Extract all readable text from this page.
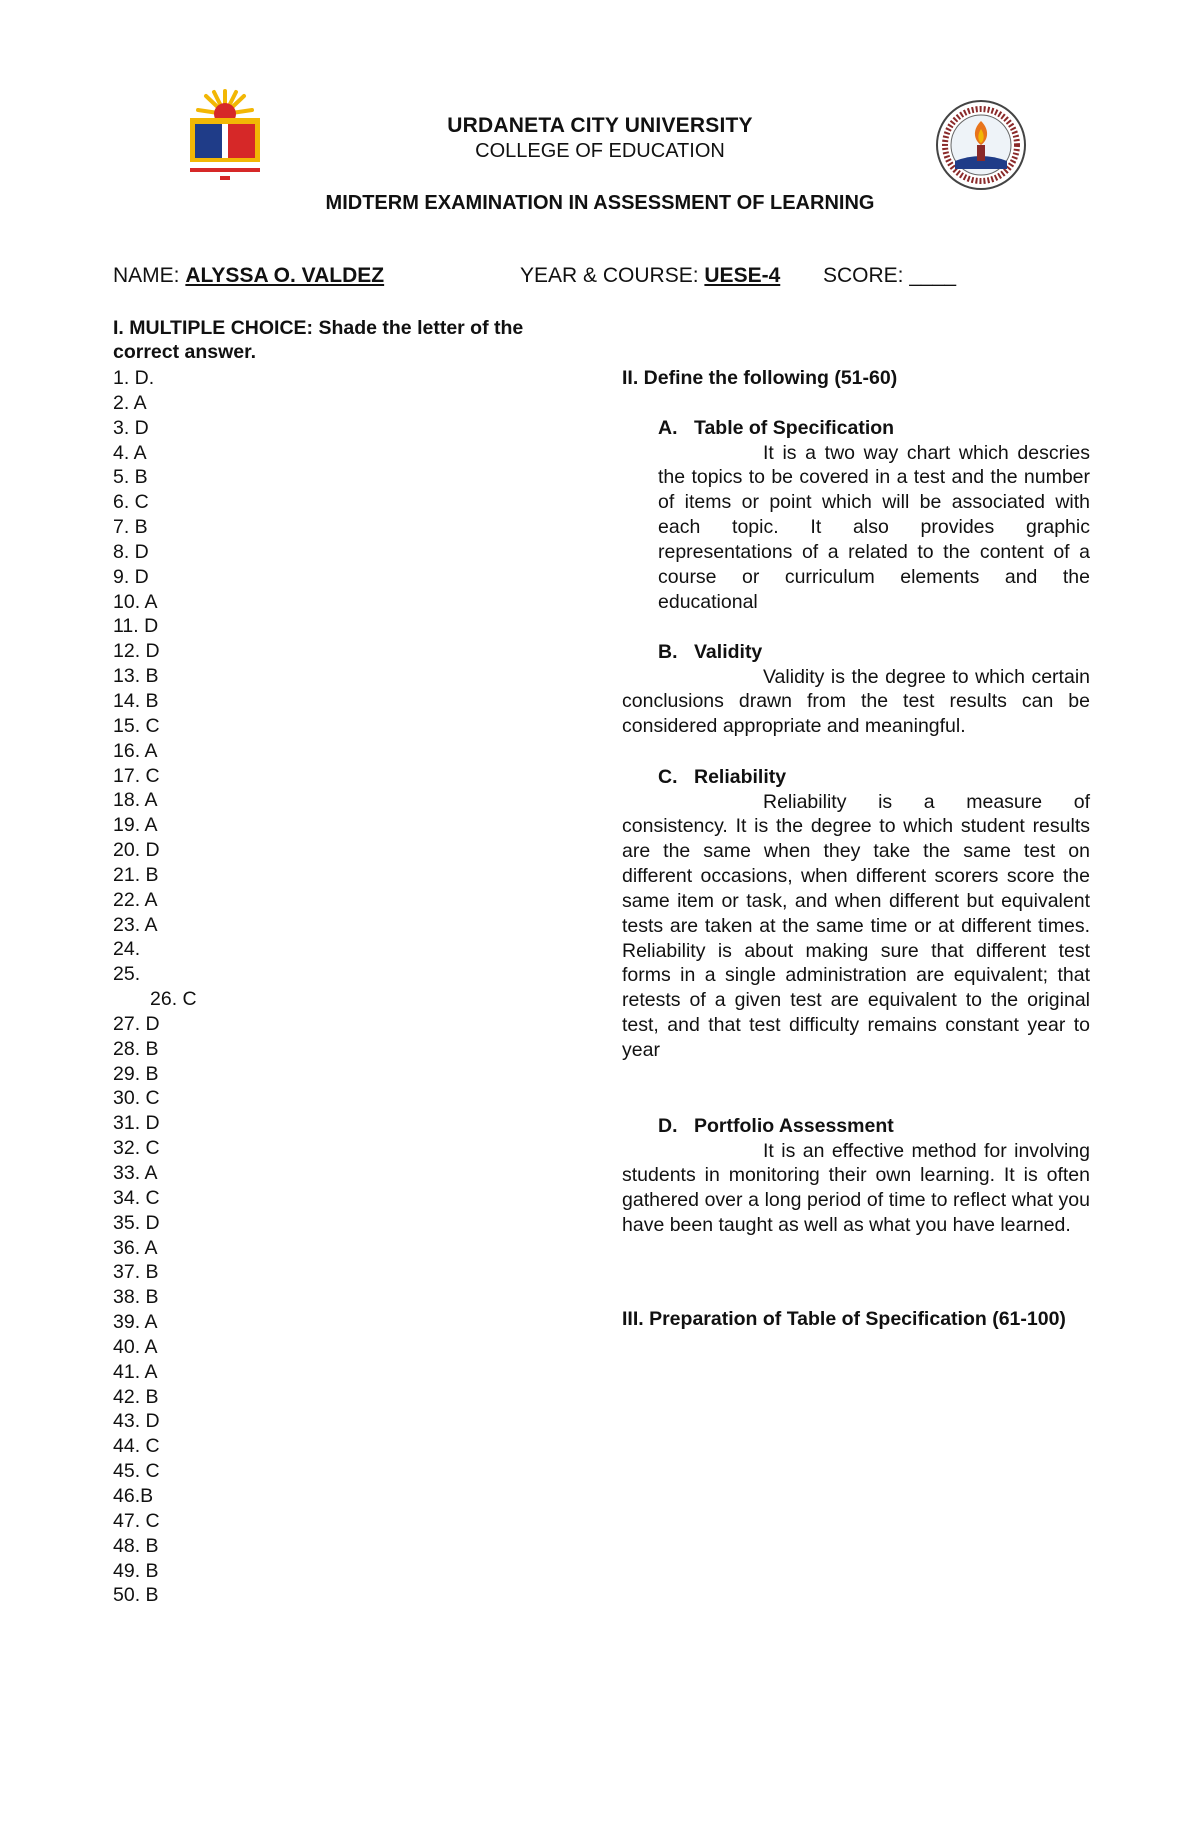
URDANETA CITY UNIVERSITY
COLLEGE OF EDUCATION
MIDTERM EXAMINATION IN ASSESSMENT OF LEARNING
NAME: ALYSSA O. VALDEZ	YEAR & COURSE: UESE-4 SCORE: ____
I. MULTIPLE CHOICE: Shade the letter of the correct answer.
1. D.
2. A
3. D
4. A
5. B
6. C
7. B
8. D
9. D
10. A
11. D
12. D
13. B
14. B
15. C
16. A
17. C
18. A
19. A
20. D
21. B
22. A
23. A
24.
25.
26. C
27. D
28. B
29. B
30. C
31. D
32. C
33. A
34. C
35. D
36. A
37. B
38. B
39. A
40. A
41. A
42. B
43. D
44. C
45. C
46.B
47. C
48. B
49. B
50. B
II. Define the following (51-60)
A. Table of Specification
It is a two way chart which descries the topics to be covered in a test and the number of items or point which will be associated with each topic. It also provides graphic representations of a related to the content of a course or curriculum elements and the educational
B. Validity
Validity is the degree to which certain conclusions drawn from the test results can be considered appropriate and meaningful.
C. Reliability
Reliability is a measure of consistency. It is the degree to which student results are the same when they take the same test on different occasions, when different scorers score the same item or task, and when different but equivalent tests are taken at the same time or at different times. Reliability is about making sure that different test forms in a single administration are equivalent; that retests of a given test are equivalent to the original test, and that test difficulty remains constant year to year
D. Portfolio Assessment
It is an effective method for involving students in monitoring their own learning. It is often gathered over a long period of time to reflect what you have been taught as well as what you have learned.
III. Preparation of Table of Specification (61-100)
